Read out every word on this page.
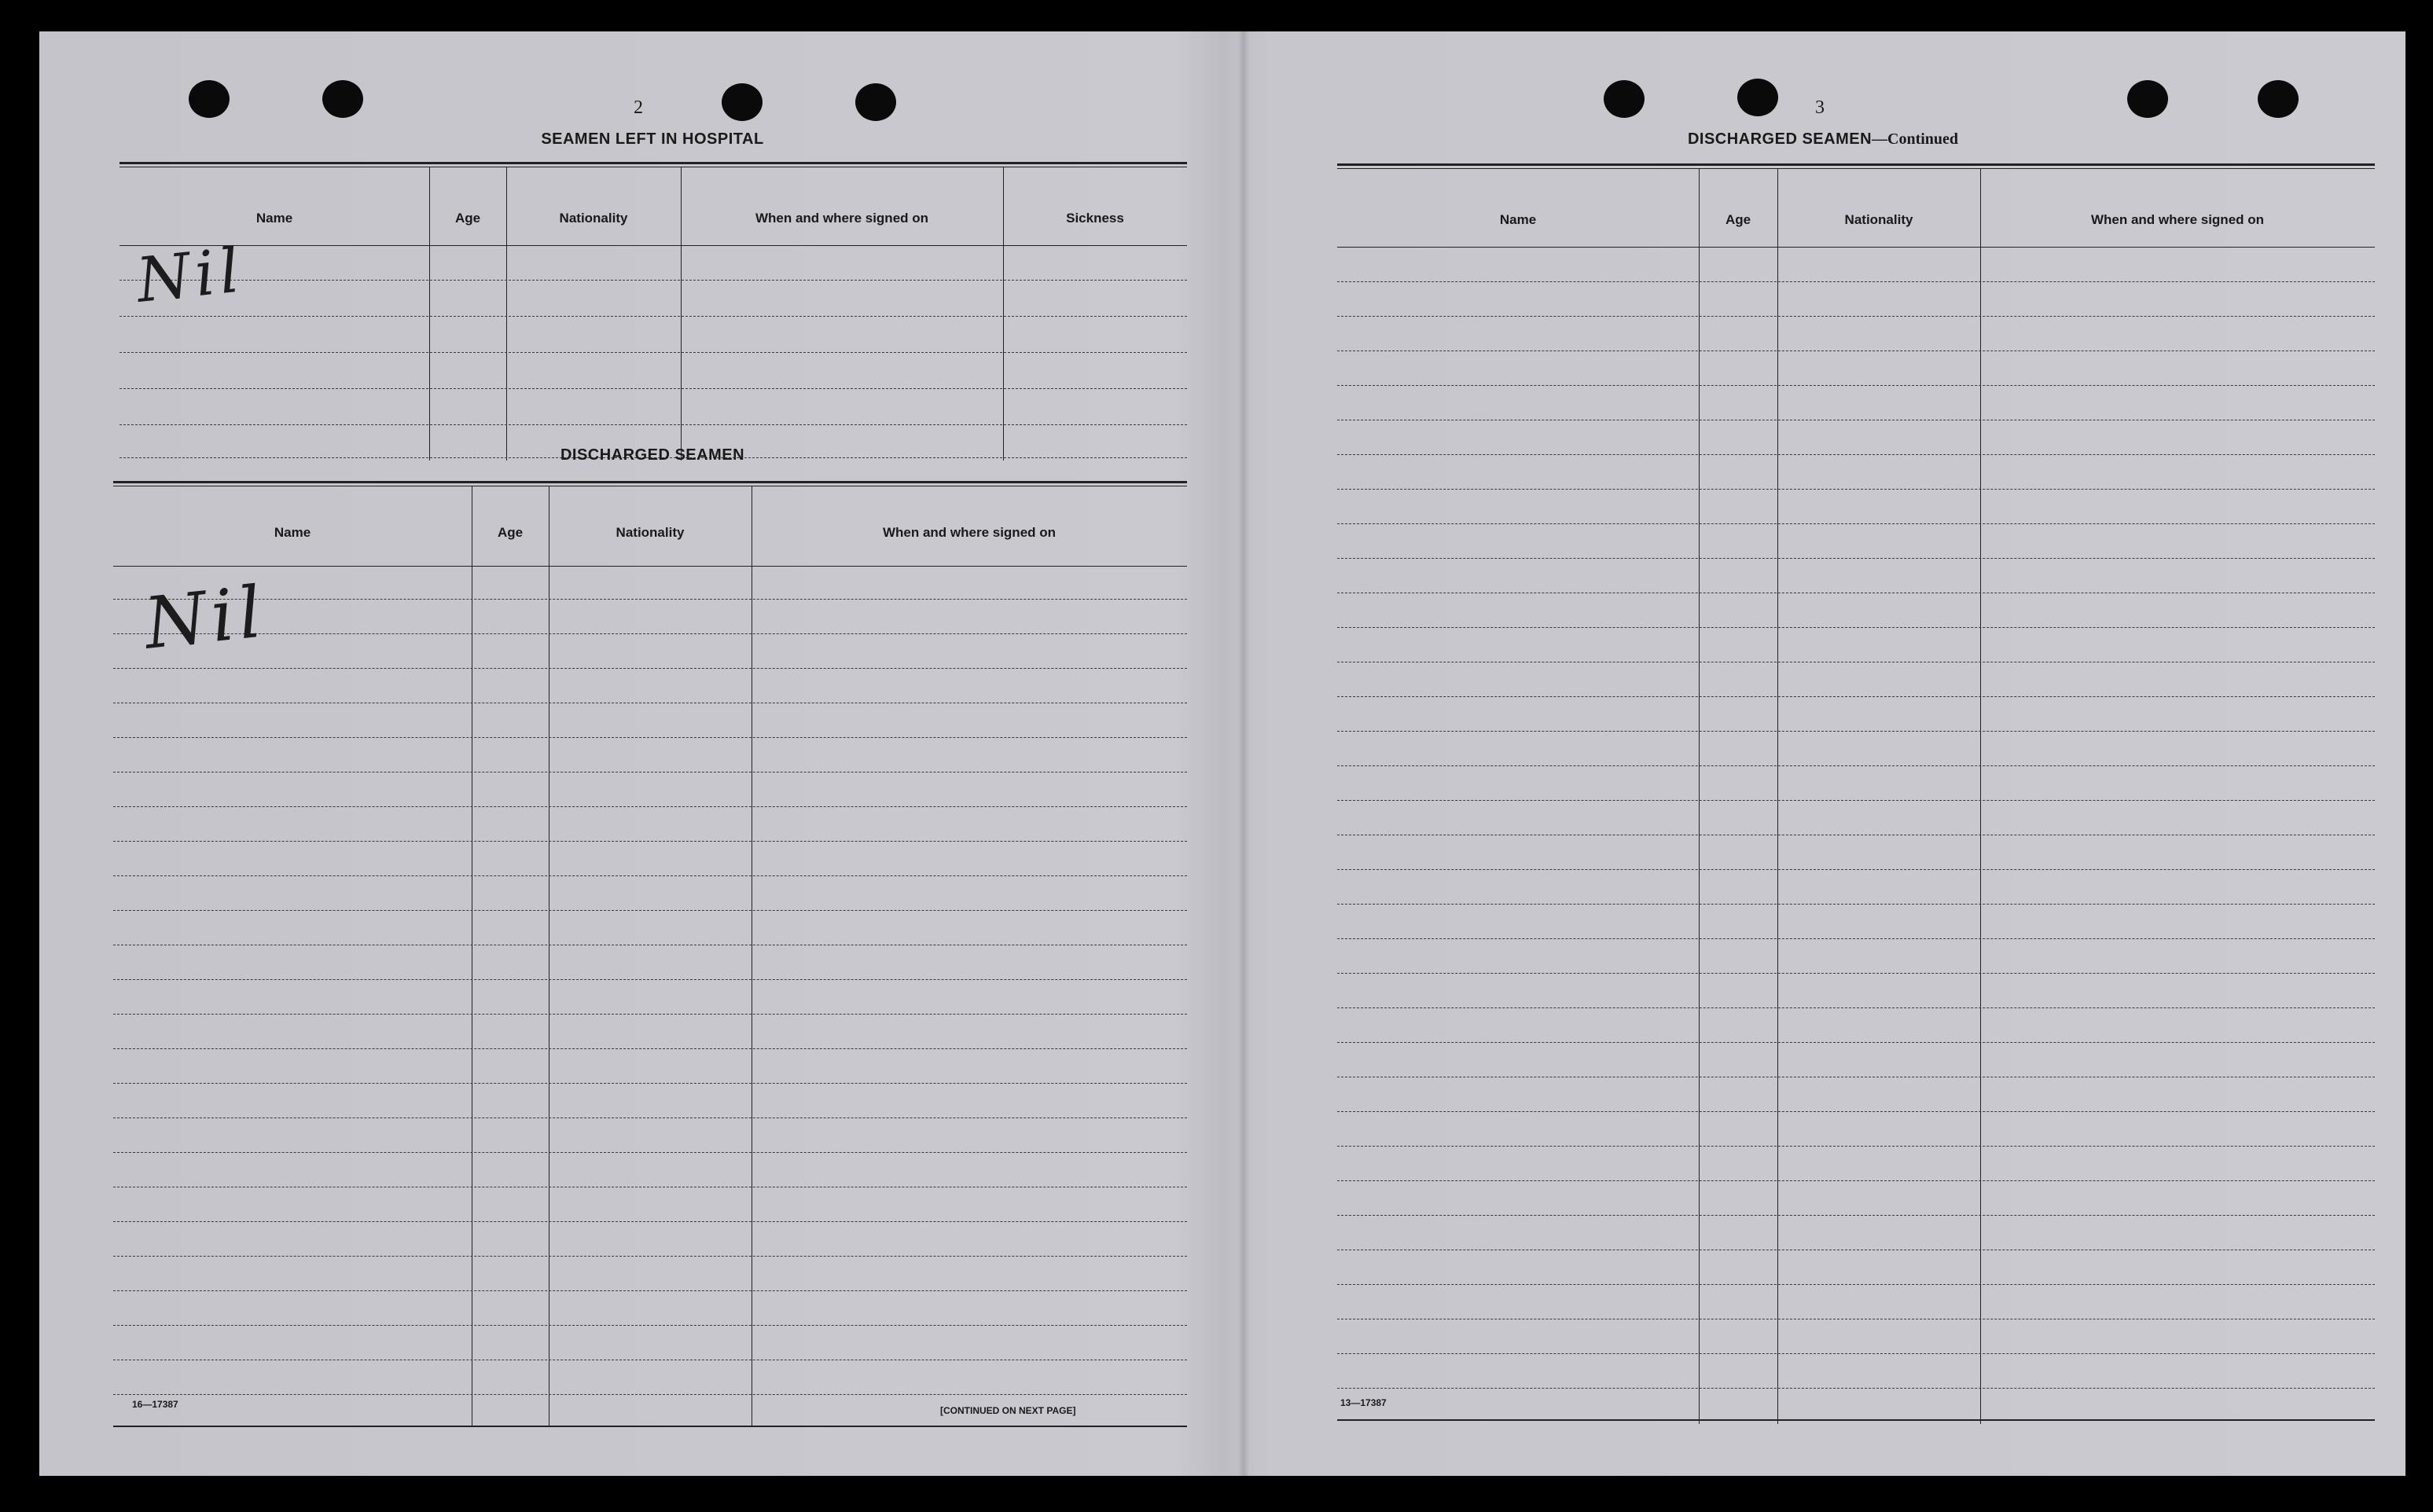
2
SEAMEN LEFT IN HOSPITAL
Name	Age	Nationality	When and where signed on	Sickness
Nil
DISCHARGED SEAMEN
Name	Age	Nationality	When and where signed on
Nil
16—17387
[CONTINUED ON NEXT PAGE]
3
DISCHARGED SEAMEN—Continued
Name	Age	Nationality	When and where signed on
13—17387
